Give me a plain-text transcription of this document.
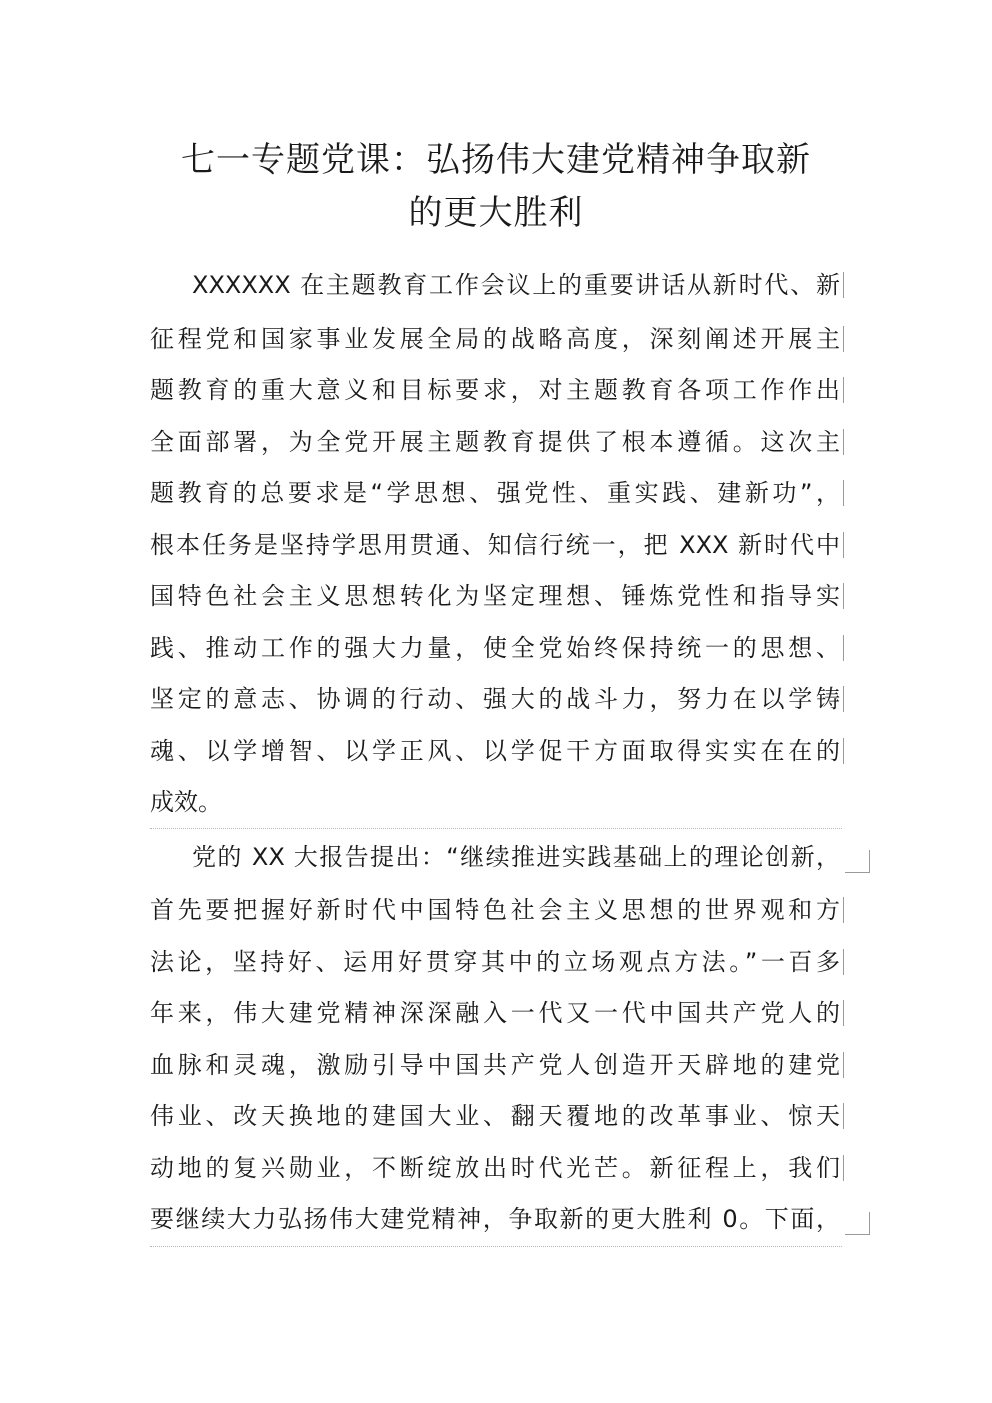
七一专题党课：弘扬伟大建党精神争取新
的更大胜利
XXXXXX 在主题教育工作会议上的重要讲话从新时代、新
征程党和国家事业发展全局的战略高度，深刻阐述开展主
题教育的重大意义和目标要求，对主题教育各项工作作出
全面部署，为全党开展主题教育提供了根本遵循。这次主
题教育的总要求是“学思想、强党性、重实践、建新功”，
根本任务是坚持学思用贯通、知信行统一，把 XXX 新时代中
国特色社会主义思想转化为坚定理想、锤炼党性和指导实
践、推动工作的强大力量，使全党始终保持统一的思想、
坚定的意志、协调的行动、强大的战斗力，努力在以学铸
魂、以学增智、以学正风、以学促干方面取得实实在在的
成效。
党的 XX 大报告提出：“继续推进实践基础上的理论创新，
首先要把握好新时代中国特色社会主义思想的世界观和方
法论，坚持好、运用好贯穿其中的立场观点方法。”一百多
年来，伟大建党精神深深融入一代又一代中国共产党人的
血脉和灵魂，激励引导中国共产党人创造开天辟地的建党
伟业、改天换地的建国大业、翻天覆地的改革事业、惊天
动地的复兴勋业，不断绽放出时代光芒。新征程上，我们
要继续大力弘扬伟大建党精神，争取新的更大胜利 0。下面，
